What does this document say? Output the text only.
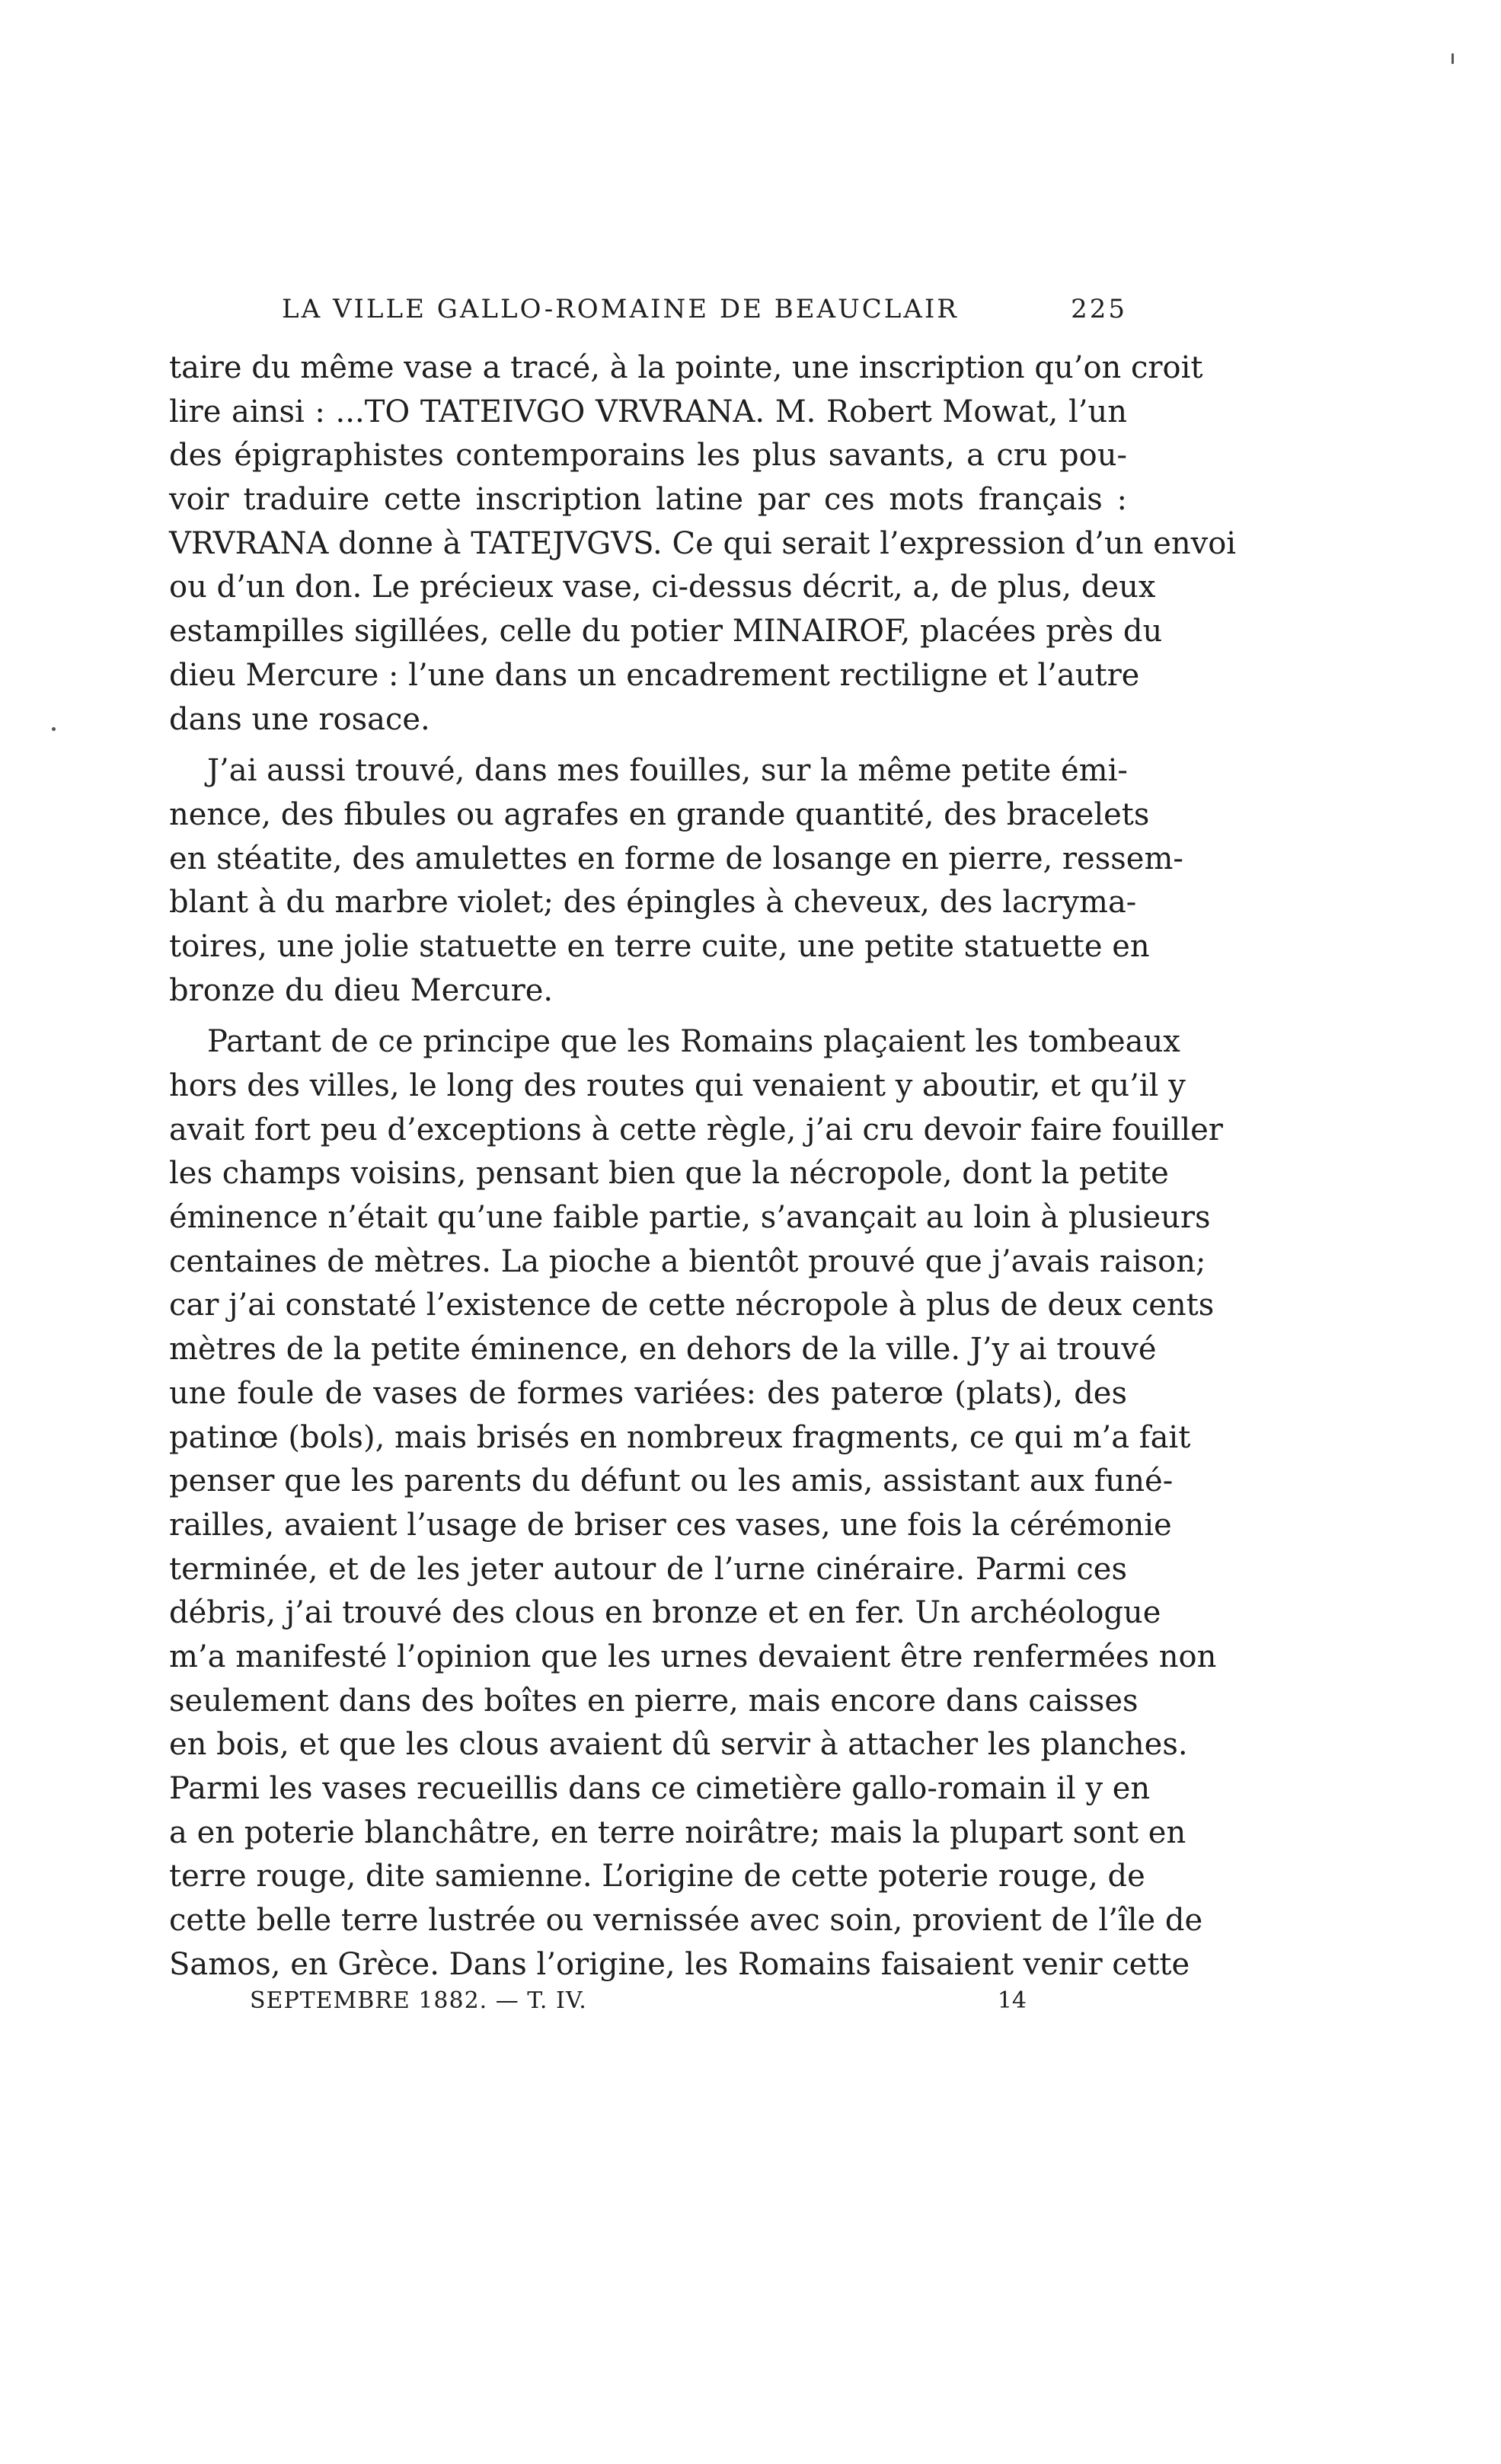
LA VILLE GALLO-ROMAINE DE BEAUCLAIR	225
taire du même vase a tracé, à la pointe, une inscription qu’on croit
lire ainsi : ...TO TATEIVGO VRVRANA. M. Robert Mowat, l’un
des épigraphistes contemporains les plus savants, a cru pou-
voir traduire cette inscription latine par ces mots français :
VRVRANA donne à TATEJVGVS. Ce qui serait l’expression d’un envoi
ou d’un don. Le précieux vase, ci-dessus décrit, a, de plus, deux
estampilles sigillées, celle du potier MINAIROF, placées près du
dieu Mercure : l’une dans un encadrement rectiligne et l’autre
dans une rosace.
J’ai aussi trouvé, dans mes fouilles, sur la même petite émi-
nence, des fibules ou agrafes en grande quantité, des bracelets
en stéatite, des amulettes en forme de losange en pierre, ressem-
blant à du marbre violet; des épingles à cheveux, des lacryma-
toires, une jolie statuette en terre cuite, une petite statuette en
bronze du dieu Mercure.
Partant de ce principe que les Romains plaçaient les tombeaux
hors des villes, le long des routes qui venaient y aboutir, et qu’il y
avait fort peu d’exceptions à cette règle, j’ai cru devoir faire fouiller
les champs voisins, pensant bien que la nécropole, dont la petite
éminence n’était qu’une faible partie, s’avançait au loin à plusieurs
centaines de mètres. La pioche a bientôt prouvé que j’avais raison;
car j’ai constaté l’existence de cette nécropole à plus de deux cents
mètres de la petite éminence, en dehors de la ville. J’y ai trouvé
une foule de vases de formes variées: des paterœ (plats), des
patinœ (bols), mais brisés en nombreux fragments, ce qui m’a fait
penser que les parents du défunt ou les amis, assistant aux funé-
railles, avaient l’usage de briser ces vases, une fois la cérémonie
terminée, et de les jeter autour de l’urne cinéraire. Parmi ces
débris, j’ai trouvé des clous en bronze et en fer. Un archéologue
m’a manifesté l’opinion que les urnes devaient être renfermées non
seulement dans des boîtes en pierre, mais encore dans caisses
en bois, et que les clous avaient dû servir à attacher les planches.
Parmi les vases recueillis dans ce cimetière gallo-romain il y en
a en poterie blanchâtre, en terre noirâtre; mais la plupart sont en
terre rouge, dite samienne. L’origine de cette poterie rouge, de
cette belle terre lustrée ou vernissée avec soin, provient de l’île de
Samos, en Grèce. Dans l’origine, les Romains faisaient venir cette
SEPTEMBRE 1882. — T. IV.	14
